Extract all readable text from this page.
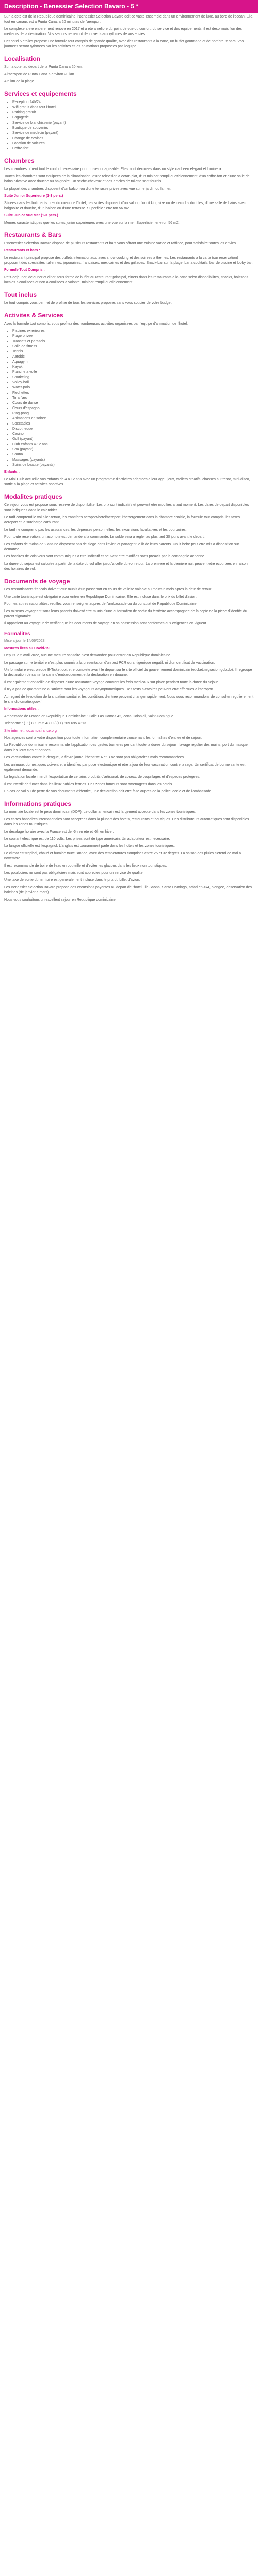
Description - Benessier Selection Bavaro - 5 *

Sur la cote est de la Republique dominicaine, l'Benessier Selection Bavaro doit ce vaste ensemble dans un environnement de luxe, au bord de l'ocean. Elle, tout en canaux est a Punta Cana, a 20 minutes de l'aeroport.

Le complexe a ete entierement renove en 2017 et a ete ameliore du point de vue du confort, du service et des equipements, il est desormais l'un des meilleurs de la destination. Vos sejours ne seront decouverts aux rythmes de vos envies.

Cet hotel 5 etoiles propose une formule tout compris de grande qualite, avec des restaurants a la carte, un buffet gourmand et de nombreux bars. Vos journees seront rythmees par les activites et les animations proposees par l'equipe.

Localisation

Sur la cote, au depart de la Punta Cana a 20 km.

A l'aeroport de Punta Cana a environ 20 km.

A 5 km de la plage.

Services et equipements
• Reception 24h/24
• Wifi gratuit dans tout l'hotel
• Parking gratuit
• Bagagerie
• Service de blanchisserie (payant)
• Boutique de souvenirs
• Service de medecin (payant)
• Change de devises
• Location de voitures
• Coffre-fort
Chambres

Les chambres offrent tout le confort necessaire pour un sejour agreable. Elles sont decorees dans un style caribeen elegant et lumineux.

Toutes les chambres sont equipees de la climatisation, d'une television a ecran plat, d'un minibar rempli quotidiennement, d'un coffre-fort et d'une salle de bains privative avec douche ou baignoire. Un seche-cheveux et des articles de toilette sont fournis.

La plupart des chambres disposent d'un balcon ou d'une terrasse privee avec vue sur le jardin ou la mer.

Suite Junior Superieure (1-3 pers.)

Situees dans les batiments pres du coeur de l'hotel, ces suites disposent d'un salon, d'un lit king size ou de deux lits doubles, d'une salle de bains avec baignoire et douche, d'un balcon ou d'une terrasse. Superficie : environ 56 m2.

Suite Junior Vue Mer (1-3 pers.)

Memes caracteristiques que les suites junior superieures avec une vue sur la mer. Superficie : environ 56 m2.

Restaurants & Bars

L'Benessier Selection Bavaro dispose de plusieurs restaurants et bars vous offrant une cuisine variee et raffinee, pour satisfaire toutes les envies.

Restaurants et bars :

Le restaurant principal propose des buffets internationaux, avec show cooking et des soirees a themes. Les restaurants a la carte (sur reservation) proposent des specialites italiennes, japonaises, francaises, mexicaines et des grillades. Snack-bar sur la plage, bar a cocktails, bar de piscine et lobby bar.

Formule Tout Compris :

Petit-dejeuner, dejeuner et diner sous forme de buffet au restaurant principal, diners dans les restaurants a la carte selon disponibilites, snacks, boissons locales alcoolisees et non alcoolisees a volonte, minibar rempli quotidiennement.

Tout inclus

Le tout compris vous permet de profiter de tous les services proposes sans vous soucier de votre budget.

Activites & Services

Avec la formule tout compris, vous profitez des nombreuses activites organisees par l'equipe d'animation de l'hotel.

• Piscines exterieures
• Plage privee
• Transats et parasols
• Salle de fitness
• Tennis
• Aerobic
• Aquagym
• Kayak
• Planche a voile
• Snorkeling
• Volley-ball
• Water-polo
• Flechettes
• Tir a l'arc
• Cours de danse
• Cours d'espagnol
• Ping-pong
• Animations en soiree
• Spectacles
• Discotheque
• Casino
• Golf (payant)
• Club enfants 4-12 ans
• Spa (payant)
• Sauna
• Massages (payants)
• Soins de beaute (payants)

Enfants :

Le Mini Club accueille vos enfants de 4 a 12 ans avec un programme d'activites adaptees a leur age : jeux, ateliers creatifs, chasses au tresor, mini-disco, sortie a la plage et activites sportives.

Modalites pratiques

Ce sejour vous est propose sous reserve de disponibilite. Les prix sont indicatifs et peuvent etre modifies a tout moment. Les dates de depart disponibles sont indiquees dans le calendrier.

Le tarif comprend le vol aller-retour, les transferts aeroport/hotel/aeroport, l'hebergement dans la chambre choisie, la formule tout compris, les taxes aeroport et la surcharge carburant.

Le tarif ne comprend pas les assurances, les depenses personnelles, les excursions facultatives et les pourboires.

Pour toute reservation, un acompte est demande a la commande. Le solde sera a regler au plus tard 30 jours avant le depart.

Les enfants de moins de 2 ans ne disposent pas de siege dans l'avion et partagent le lit de leurs parents. Un lit bebe peut etre mis a disposition sur demande.

Les horaires de vols vous sont communiques a titre indicatif et peuvent etre modifies sans preavis par la compagnie aerienne.

La duree du sejour est calculee a partir de la date du vol aller jusqu'a celle du vol retour. La premiere et la derniere nuit peuvent etre ecourtees en raison des horaires de vol.

Documents de voyage

Les ressortissants francais doivent etre munis d'un passeport en cours de validite valable au moins 6 mois apres la date de retour.

Une carte touristique est obligatoire pour entrer en Republique Dominicaine. Elle est incluse dans le prix du billet d'avion.

Pour les autres nationalites, veuillez vous renseigner aupres de l'ambassade ou du consulat de Republique Dominicaine.

Les mineurs voyageant sans leurs parents doivent etre munis d'une autorisation de sortie du territoire accompagnee de la copie de la piece d'identite du parent signataire.

Il appartient au voyageur de verifier que les documents de voyage en sa possession sont conformes aux exigences en vigueur.

Formalites

Mise a jour le 14/06/2023

Mesures liees au Covid-19

Depuis le 5 avril 2022, aucune mesure sanitaire n'est demandee pour entrer en Republique dominicaine.

Le passage sur le territoire n'est plus soumis a la presentation d'un test PCR ou antigenique negatif, ni d'un certificat de vaccination.

Un formulaire electronique E-Ticket doit etre complete avant le depart sur le site officiel du gouvernement dominicain (eticket.migracion.gob.do). Il regroupe la declaration de sante, la carte d'embarquement et la declaration en douane.

Il est egalement conseille de disposer d'une assurance voyage couvrant les frais medicaux sur place pendant toute la duree du sejour.

Il n'y a pas de quarantaine a l'arrivee pour les voyageurs asymptomatiques. Des tests aleatoires peuvent etre effectues a l'aeroport.

Au regard de l'evolution de la situation sanitaire, les conditions d'entree peuvent changer rapidement. Nous vous recommandons de consulter regulierement le site diplomatie.gouv.fr.

Informations utiles :

Ambassade de France en Republique Dominicaine : Calle Las Damas 42, Zona Colonial, Saint-Domingue.

Telephone : (+1) 809 695 4300 / (+1) 809 695 4313

Site internet : do.ambafrance.org

Nos agences sont a votre disposition pour toute information complementaire concernant les formalites d'entree et de sejour.

La Republique dominicaine recommande l'application des gestes barrieres pendant toute la duree du sejour : lavage regulier des mains, port du masque dans les lieux clos et bondes.

Les vaccinations contre la dengue, la fievre jaune, l'hepatite A et B ne sont pas obligatoires mais recommandees.

Les animaux domestiques doivent etre identifies par puce electronique et etre a jour de leur vaccination contre la rage. Un certificat de bonne sante est egalement demande.

La legislation locale interdit l'exportation de certains produits d'artisanat, de coraux, de coquillages et d'especes protegees.

Il est interdit de fumer dans les lieux publics fermes. Des zones fumeurs sont amenagees dans les hotels.

En cas de vol ou de perte de vos documents d'identite, une declaration doit etre faite aupres de la police locale et de l'ambassade.

Informations pratiques

La monnaie locale est le peso dominicain (DOP). Le dollar americain est largement accepte dans les zones touristiques.

Les cartes bancaires internationales sont acceptees dans la plupart des hotels, restaurants et boutiques. Des distributeurs automatiques sont disponibles dans les zones touristiques.

Le decalage horaire avec la France est de -6h en ete et -5h en hiver.

Le courant electrique est de 110 volts. Les prises sont de type americain. Un adaptateur est necessaire.

La langue officielle est l'espagnol. L'anglais est couramment parle dans les hotels et les zones touristiques.

Le climat est tropical, chaud et humide toute l'annee, avec des temperatures comprises entre 25 et 32 degres. La saison des pluies s'etend de mai a novembre.

Il est recommande de boire de l'eau en bouteille et d'eviter les glacons dans les lieux non touristiques.

Les pourboires ne sont pas obligatoires mais sont apprecies pour un service de qualite.

Une taxe de sortie du territoire est generalement incluse dans le prix du billet d'avion.

Les Benessier Selection Bavaro propose des excursions payantes au depart de l'hotel : ile Saona, Santo Domingo, safari en 4x4, plongee, observation des baleines (de janvier a mars).

Nous vous souhaitons un excellent sejour en Republique dominicaine.
